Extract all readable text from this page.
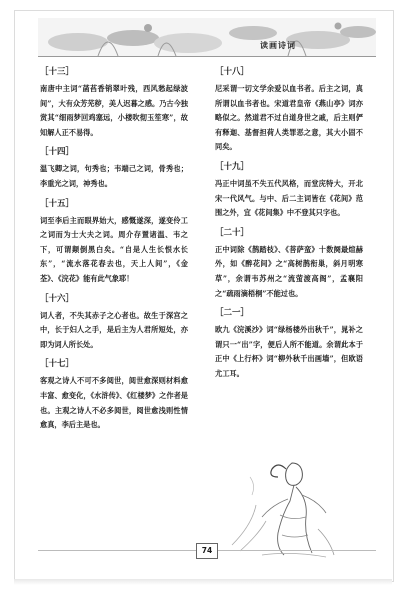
读画诗词
［十三］
南唐中主词“菡萏香销翠叶残，西风愁起绿波间”，大有众芳芜秽，美人迟暮之感。乃古今独赏其“细雨梦回鸡塞远，小楼吹彻玉笙寒”，故知解人正不易得。
［十四］
温飞卿之词，句秀也；韦端己之词，骨秀也；李重光之词，神秀也。
［十五］
词至李后主而眼界始大，感慨遂深，遂变伶工之词而为士大夫之词。周介存置诸温、韦之下，可谓颠倒黑白矣。“自是人生长恨水长东”，“流水落花春去也，天上人间”，《金荃》、《浣花》能有此气象耶！
［十六］
词人者，不失其赤子之心者也。故生于深宫之中，长于妇人之手，是后主为人君所短处，亦即为词人所长处。
［十七］
客观之诗人不可不多阅世，阅世愈深则材料愈丰富、愈变化，《水浒传》、《红楼梦》之作者是也。主观之诗人不必多阅世，阅世愈浅则性情愈真，李后主是也。
［十八］
尼采谓一切文学余爱以血书者。后主之词，真所谓以血书者也。宋道君皇帝《燕山亭》词亦略似之。然道君不过自道身世之戚，后主则俨有释迦、基督担荷人类罪恶之意，其大小固不同矣。
［十九］
冯正中词虽不失五代风格，而堂庑特大，开北宋一代风气。与中、后二主词皆在《花间》范围之外，宜《花间集》中不登其只字也。
［二十］
正中词除《鹊踏枝》、《菩萨蛮》十数阕最煊赫外，如《醉花间》之“高树鹊衔巢，斜月明寒草”，余谓韦苏州之“流萤渡高阁”，孟襄阳之“疏雨滴梧桐”不能过也。
［二一］
欧九《浣溪沙》词“绿杨楼外出秋千”，晁补之谓只一“出”字，便后人所不能道。余谓此本于正中《上行杯》词“柳外秋千出画墙”，但欧语尤工耳。
74
